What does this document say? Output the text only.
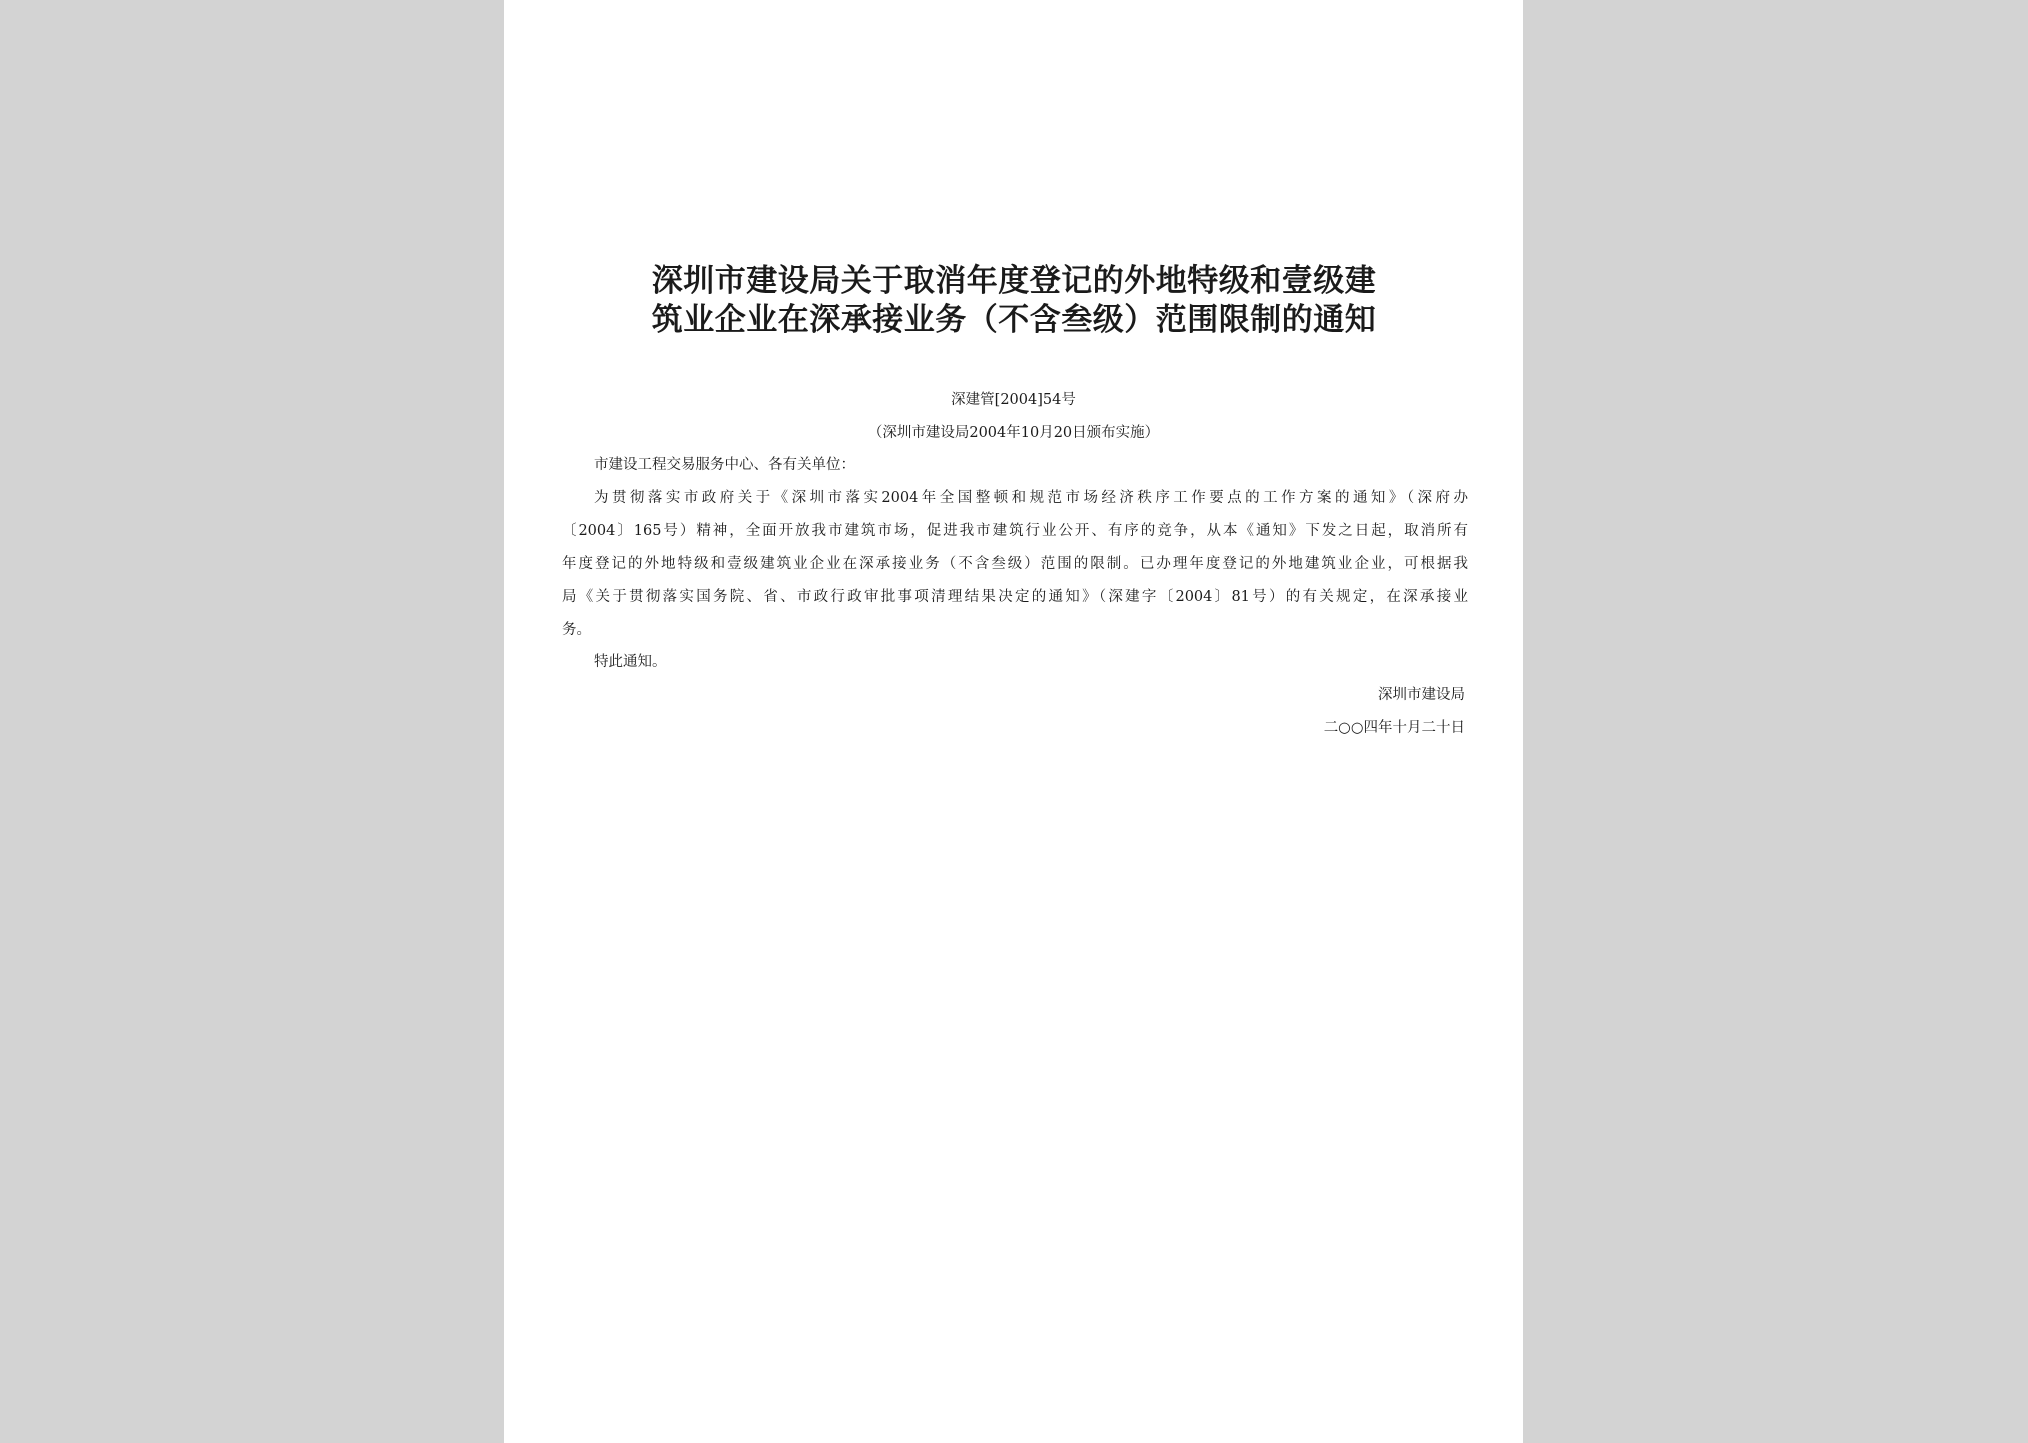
深圳市建设局关于取消年度登记的外地特级和壹级建
筑业企业在深承接业务（不含叁级）范围限制的通知
深建管[2004]54号
（深圳市建设局2004年10月20日颁布实施）
市建设工程交易服务中心、各有关单位：
为贯彻落实市政府关于《深圳市落实2004年全国整顿和规范市场经济秩序工作要点的工作方案的通知》（深府办
〔2004〕165号）精神，全面开放我市建筑市场，促进我市建筑行业公开、有序的竞争，从本《通知》下发之日起，取消所有
年度登记的外地特级和壹级建筑业企业在深承接业务（不含叁级）范围的限制。已办理年度登记的外地建筑业企业，可根据我
局《关于贯彻落实国务院、省、市政行政审批事项清理结果决定的通知》（深建字〔2004〕81号）的有关规定，在深承接业
务。
特此通知。
深圳市建设局
二○○四年十月二十日
